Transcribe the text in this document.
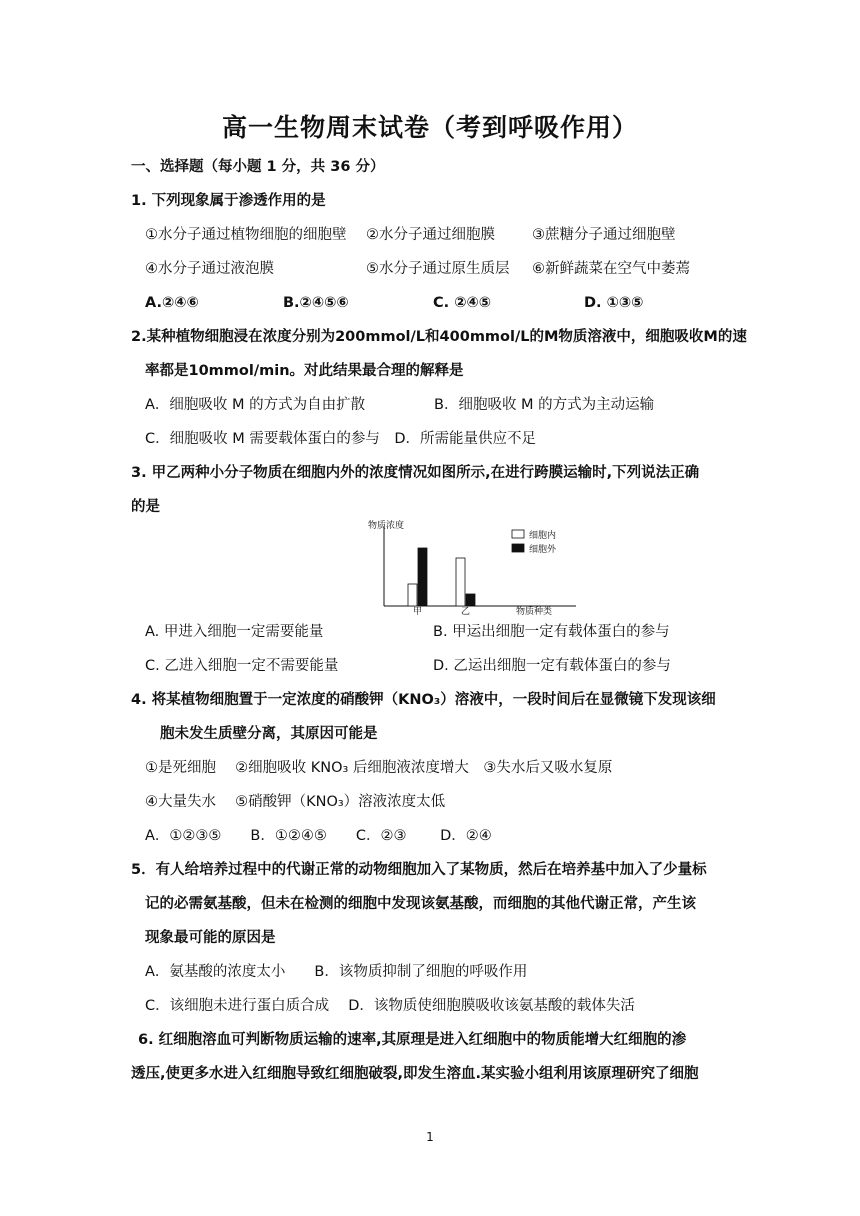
高一生物周末试卷（考到呼吸作用）
一、选择题（每小题 1 分，共 36 分）
1. 下列现象属于渗透作用的是
①水分子通过植物细胞的细胞壁 ②水分子通过细胞膜	③蔗糖分子通过细胞壁
④水分子通过液泡膜	⑤水分子通过原生质层 ⑥新鲜蔬菜在空气中萎蔫
A.②④⑥	B.②④⑤⑥	C. ②④⑤	D. ①③⑤
2.某种植物细胞浸在浓度分别为200mmol/L和400mmol/L的M物质溶液中，细胞吸收M的速
率都是10mmol/min。对此结果最合理的解释是
A．细胞吸收 M 的方式为自由扩散	B．细胞吸收 M 的方式为主动运输
C．细胞吸收 M 需要载体蛋白的参与　D．所需能量供应不足
3. 甲乙两种小分子物质在细胞内外的浓度情况如图所示,在进行跨膜运输时,下列说法正确
的是
物质浓度
物质种类
甲	乙
细胞内
细胞外
A. 甲进入细胞一定需要能量	B. 甲运出细胞一定有载体蛋白的参与
C. 乙进入细胞一定不需要能量	D. 乙运出细胞一定有载体蛋白的参与
4. 将某植物细胞置于一定浓度的硝酸钾（KNO₃）溶液中，一段时间后在显微镜下发现该细
胞未发生质壁分离，其原因可能是
①是死细胞　 ②细胞吸收 KNO₃ 后细胞液浓度增大　③失水后又吸水复原
④大量失水　 ⑤硝酸钾（KNO₃）溶液浓度太低
A．①②③⑤　　B．①②④⑤　　C．②③　　 D．②④
5．有人给培养过程中的代谢正常的动物细胞加入了某物质，然后在培养基中加入了少量标
记的必需氨基酸，但未在检测的细胞中发现该氨基酸，而细胞的其他代谢正常，产生该
现象最可能的原因是
A．氨基酸的浓度太小　　B．该物质抑制了细胞的呼吸作用
C．该细胞未进行蛋白质合成　 D．该物质使细胞膜吸收该氨基酸的载体失活
6. 红细胞溶血可判断物质运输的速率,其原理是进入红细胞中的物质能增大红细胞的渗
透压,使更多水进入红细胞导致红细胞破裂,即发生溶血.某实验小组利用该原理研究了细胞
1
